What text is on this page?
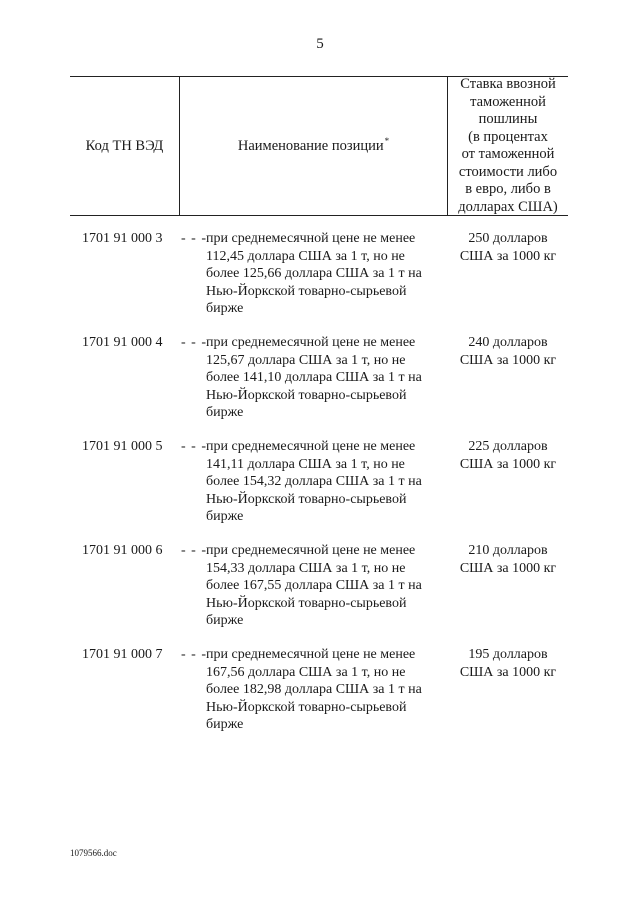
5
Код ТН ВЭД	Наименование позиции*
Ставка ввозной
таможенной
пошлины
(в процентах
от таможенной
стоимости либо
в евро, либо в
долларах США)
1701 91 000 3 - - - при среднемесячной цене не менее
112,45 доллара США за 1 т, но не
более 125,66 доллара США за 1 т на
Нью-Йоркской товарно-сырьевой
бирже
250 долларов
США за 1000 кг
1701 91 000 4 - - - при среднемесячной цене не менее
125,67 доллара США за 1 т, но не
более 141,10 доллара США за 1 т на
Нью-Йоркской товарно-сырьевой
бирже
240 долларов
США за 1000 кг
1701 91 000 5 - - - при среднемесячной цене не менее
141,11 доллара США за 1 т, но не
более 154,32 доллара США за 1 т на
Нью-Йоркской товарно-сырьевой
бирже
225 долларов
США за 1000 кг
1701 91 000 6 - - - при среднемесячной цене не менее
154,33 доллара США за 1 т, но не
более 167,55 доллара США за 1 т на
Нью-Йоркской товарно-сырьевой
бирже
210 долларов
США за 1000 кг
1701 91 000 7 - - - при среднемесячной цене не менее
167,56 доллара США за 1 т, но не
более 182,98 доллара США за 1 т на
Нью-Йоркской товарно-сырьевой
бирже
195 долларов
США за 1000 кг
1079566.doc
